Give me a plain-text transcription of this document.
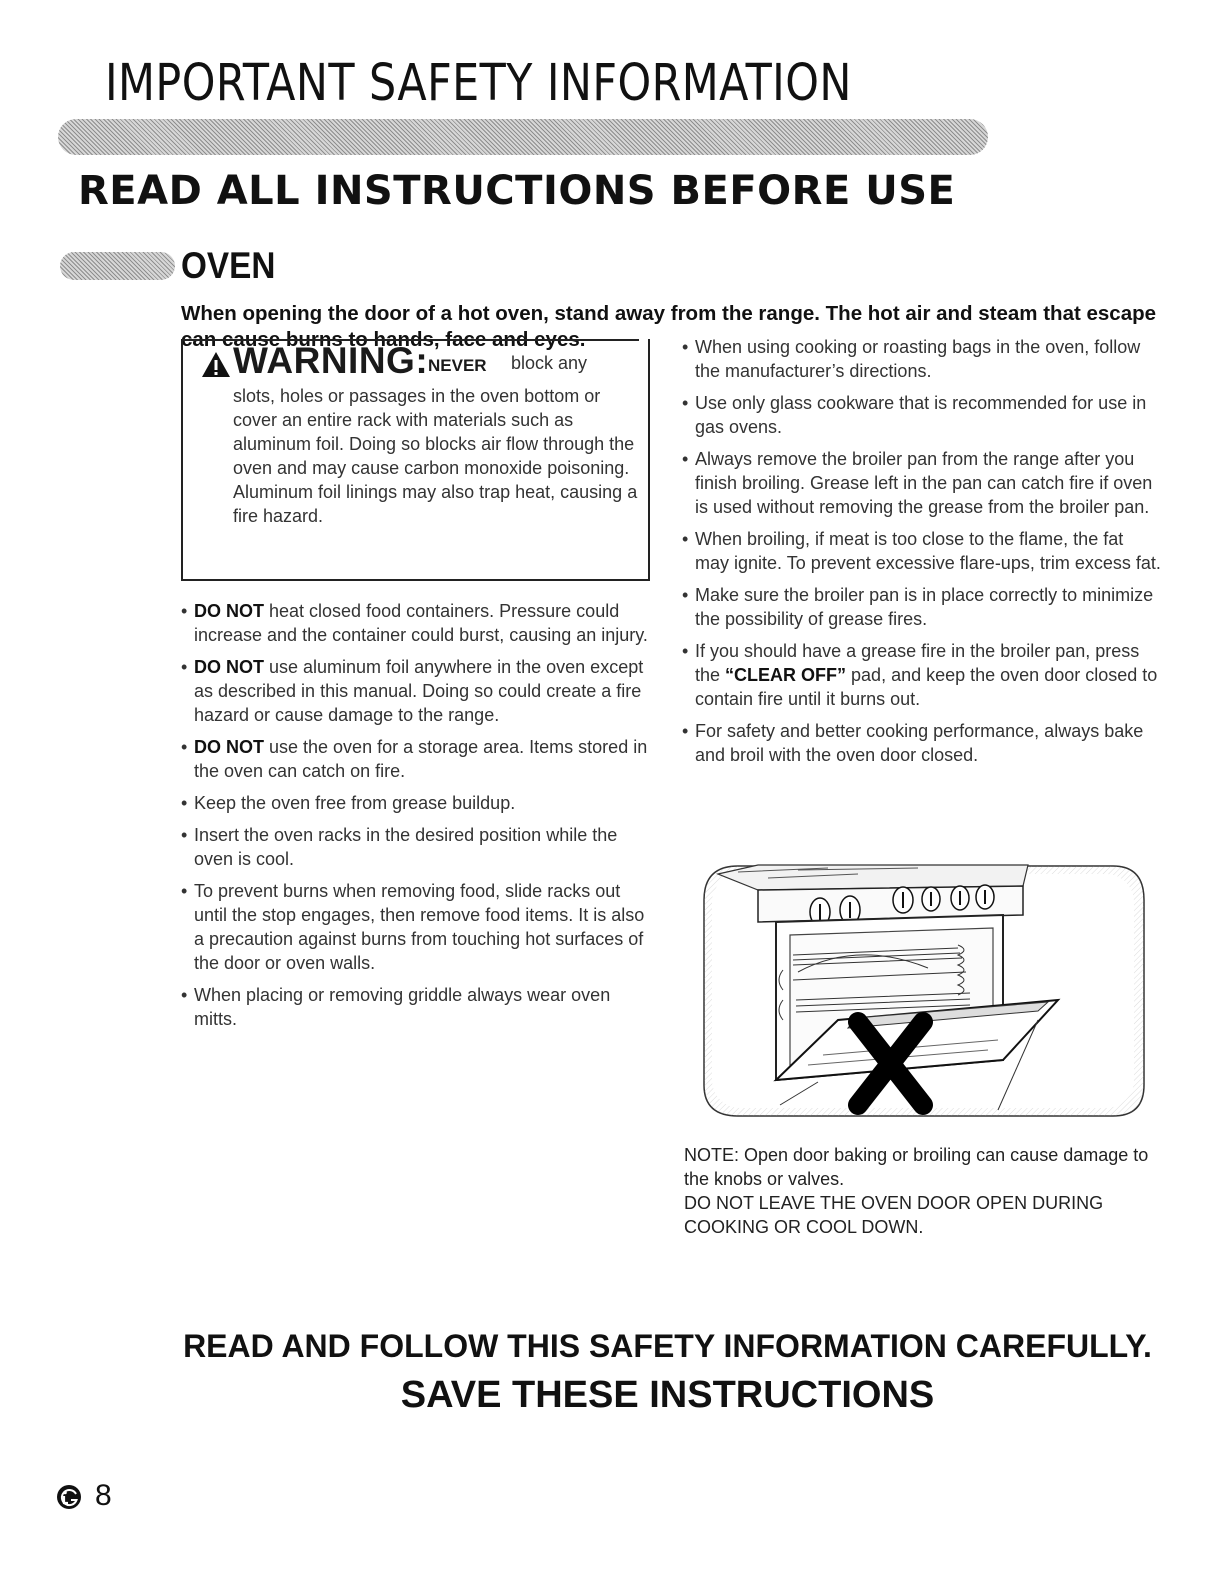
IMPORTANT SAFETY INFORMATION
READ ALL INSTRUCTIONS BEFORE USE
OVEN

When opening the door of a hot oven, stand away from the range. The hot air and steam that escape can cause burns to hands, face and eyes.

WARNING: NEVER block any

slots, holes or passages in the oven bottom or cover an entire rack with materials such as aluminum foil. Doing so blocks air flow through the oven and may cause carbon monoxide poisoning. Aluminum foil linings may also trap heat, causing a fire hazard.

• DO NOT heat closed food containers. Pressure could increase and the container could burst, causing an injury.
• DO NOT use aluminum foil anywhere in the oven except as described in this manual. Doing so could create a fire hazard or cause damage to the range.
• DO NOT use the oven for a storage area. Items stored in the oven can catch on fire.
• Keep the oven free from grease buildup.
• Insert the oven racks in the desired position while the oven is cool.
• To prevent burns when removing food, slide racks out until the stop engages, then remove food items. It is also a precaution against burns from touching hot surfaces of the door or oven walls.
• When placing or removing griddle always wear oven mitts.
• When using cooking or roasting bags in the oven, follow the manufacturer’s directions.
• Use only glass cookware that is recommended for use in gas ovens.
• Always remove the broiler pan from the range after you finish broiling. Grease left in the pan can catch fire if oven is used without removing the grease from the broiler pan.
• When broiling, if meat is too close to the flame, the fat may ignite. To prevent excessive flare-ups, trim excess fat.
• Make sure the broiler pan is in place correctly to minimize the possibility of grease fires.
• If you should have a grease fire in the broiler pan, press the “CLEAR OFF” pad, and keep the oven door closed to contain fire until it burns out.
• For safety and better cooking performance, always bake and broil with the oven door closed.
NOTE: Open door baking or broiling can cause damage to the knobs or valves.
DO NOT LEAVE THE OVEN DOOR OPEN DURING COOKING OR COOL DOWN.
READ AND FOLLOW THIS SAFETY INFORMATION CAREFULLY.
SAVE THESE INSTRUCTIONS
8
